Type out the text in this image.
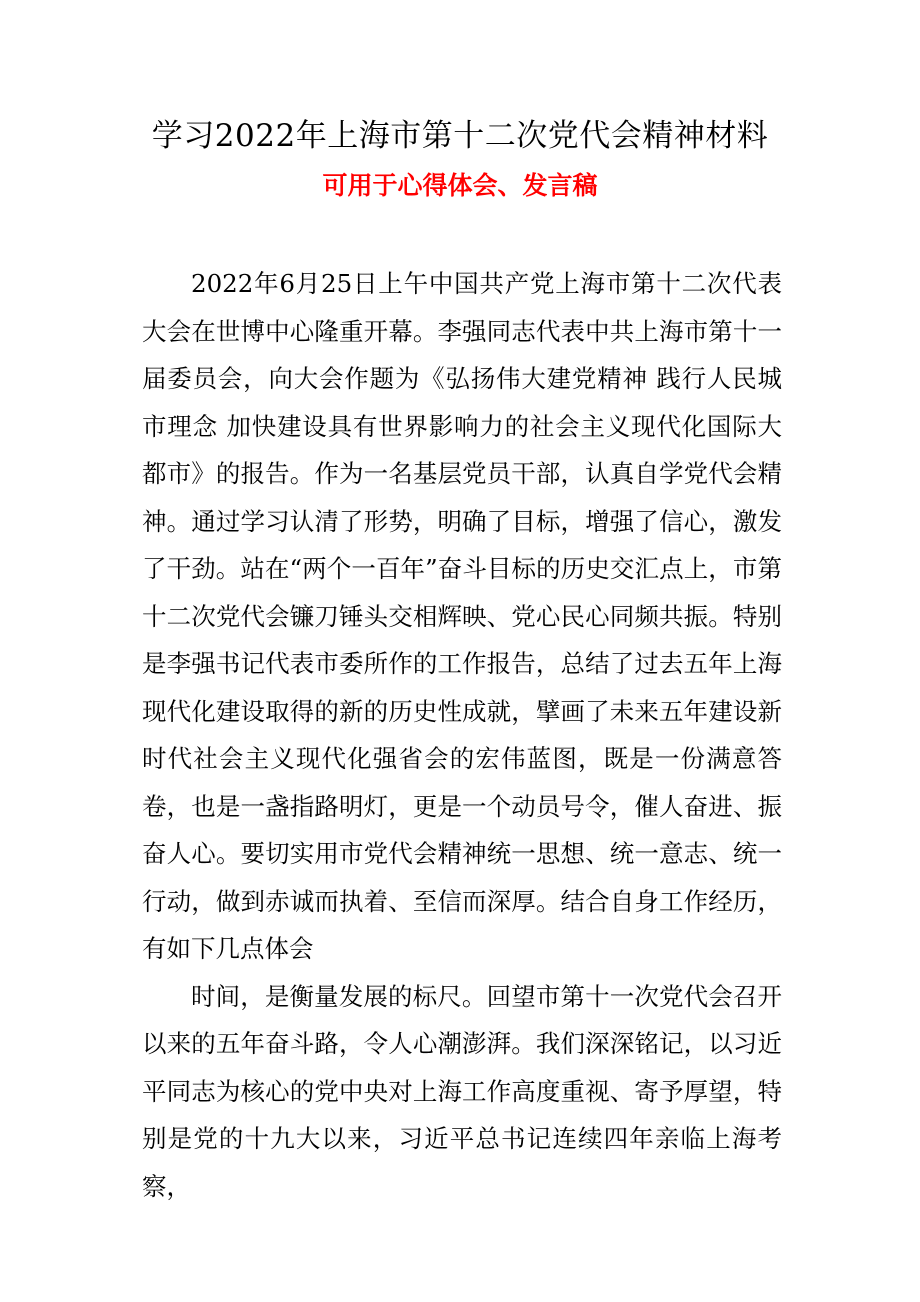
学习2022年上海市第十二次党代会精神材料
可用于心得体会、发言稿

2022年6月25日上午中国共产党上海市第十二次代表大会在世博中心隆重开幕。李强同志代表中共上海市第十一届委员会，向大会作题为《弘扬伟大建党精神 践行人民城市理念 加快建设具有世界影响力的社会主义现代化国际大都市》的报告。作为一名基层党员干部，认真自学党代会精神。通过学习认清了形势，明确了目标，增强了信心，激发了干劲。站在“两个一百年”奋斗目标的历史交汇点上，市第十二次党代会镰刀锤头交相辉映、党心民心同频共振。特别是李强书记代表市委所作的工作报告，总结了过去五年上海现代化建设取得的新的历史性成就，擘画了未来五年建设新时代社会主义现代化强省会的宏伟蓝图，既是一份满意答卷，也是一盏指路明灯，更是一个动员号令，催人奋进、振奋人心。要切实用市党代会精神统一思想、统一意志、统一行动，做到赤诚而执着、至信而深厚。结合自身工作经历，有如下几点体会

时间，是衡量发展的标尺。回望市第十一次党代会召开以来的五年奋斗路，令人心潮澎湃。我们深深铭记，以习近平同志为核心的党中央对上海工作高度重视、寄予厚望，特别是党的十九大以来，习近平总书记连续四年亲临上海考察，
